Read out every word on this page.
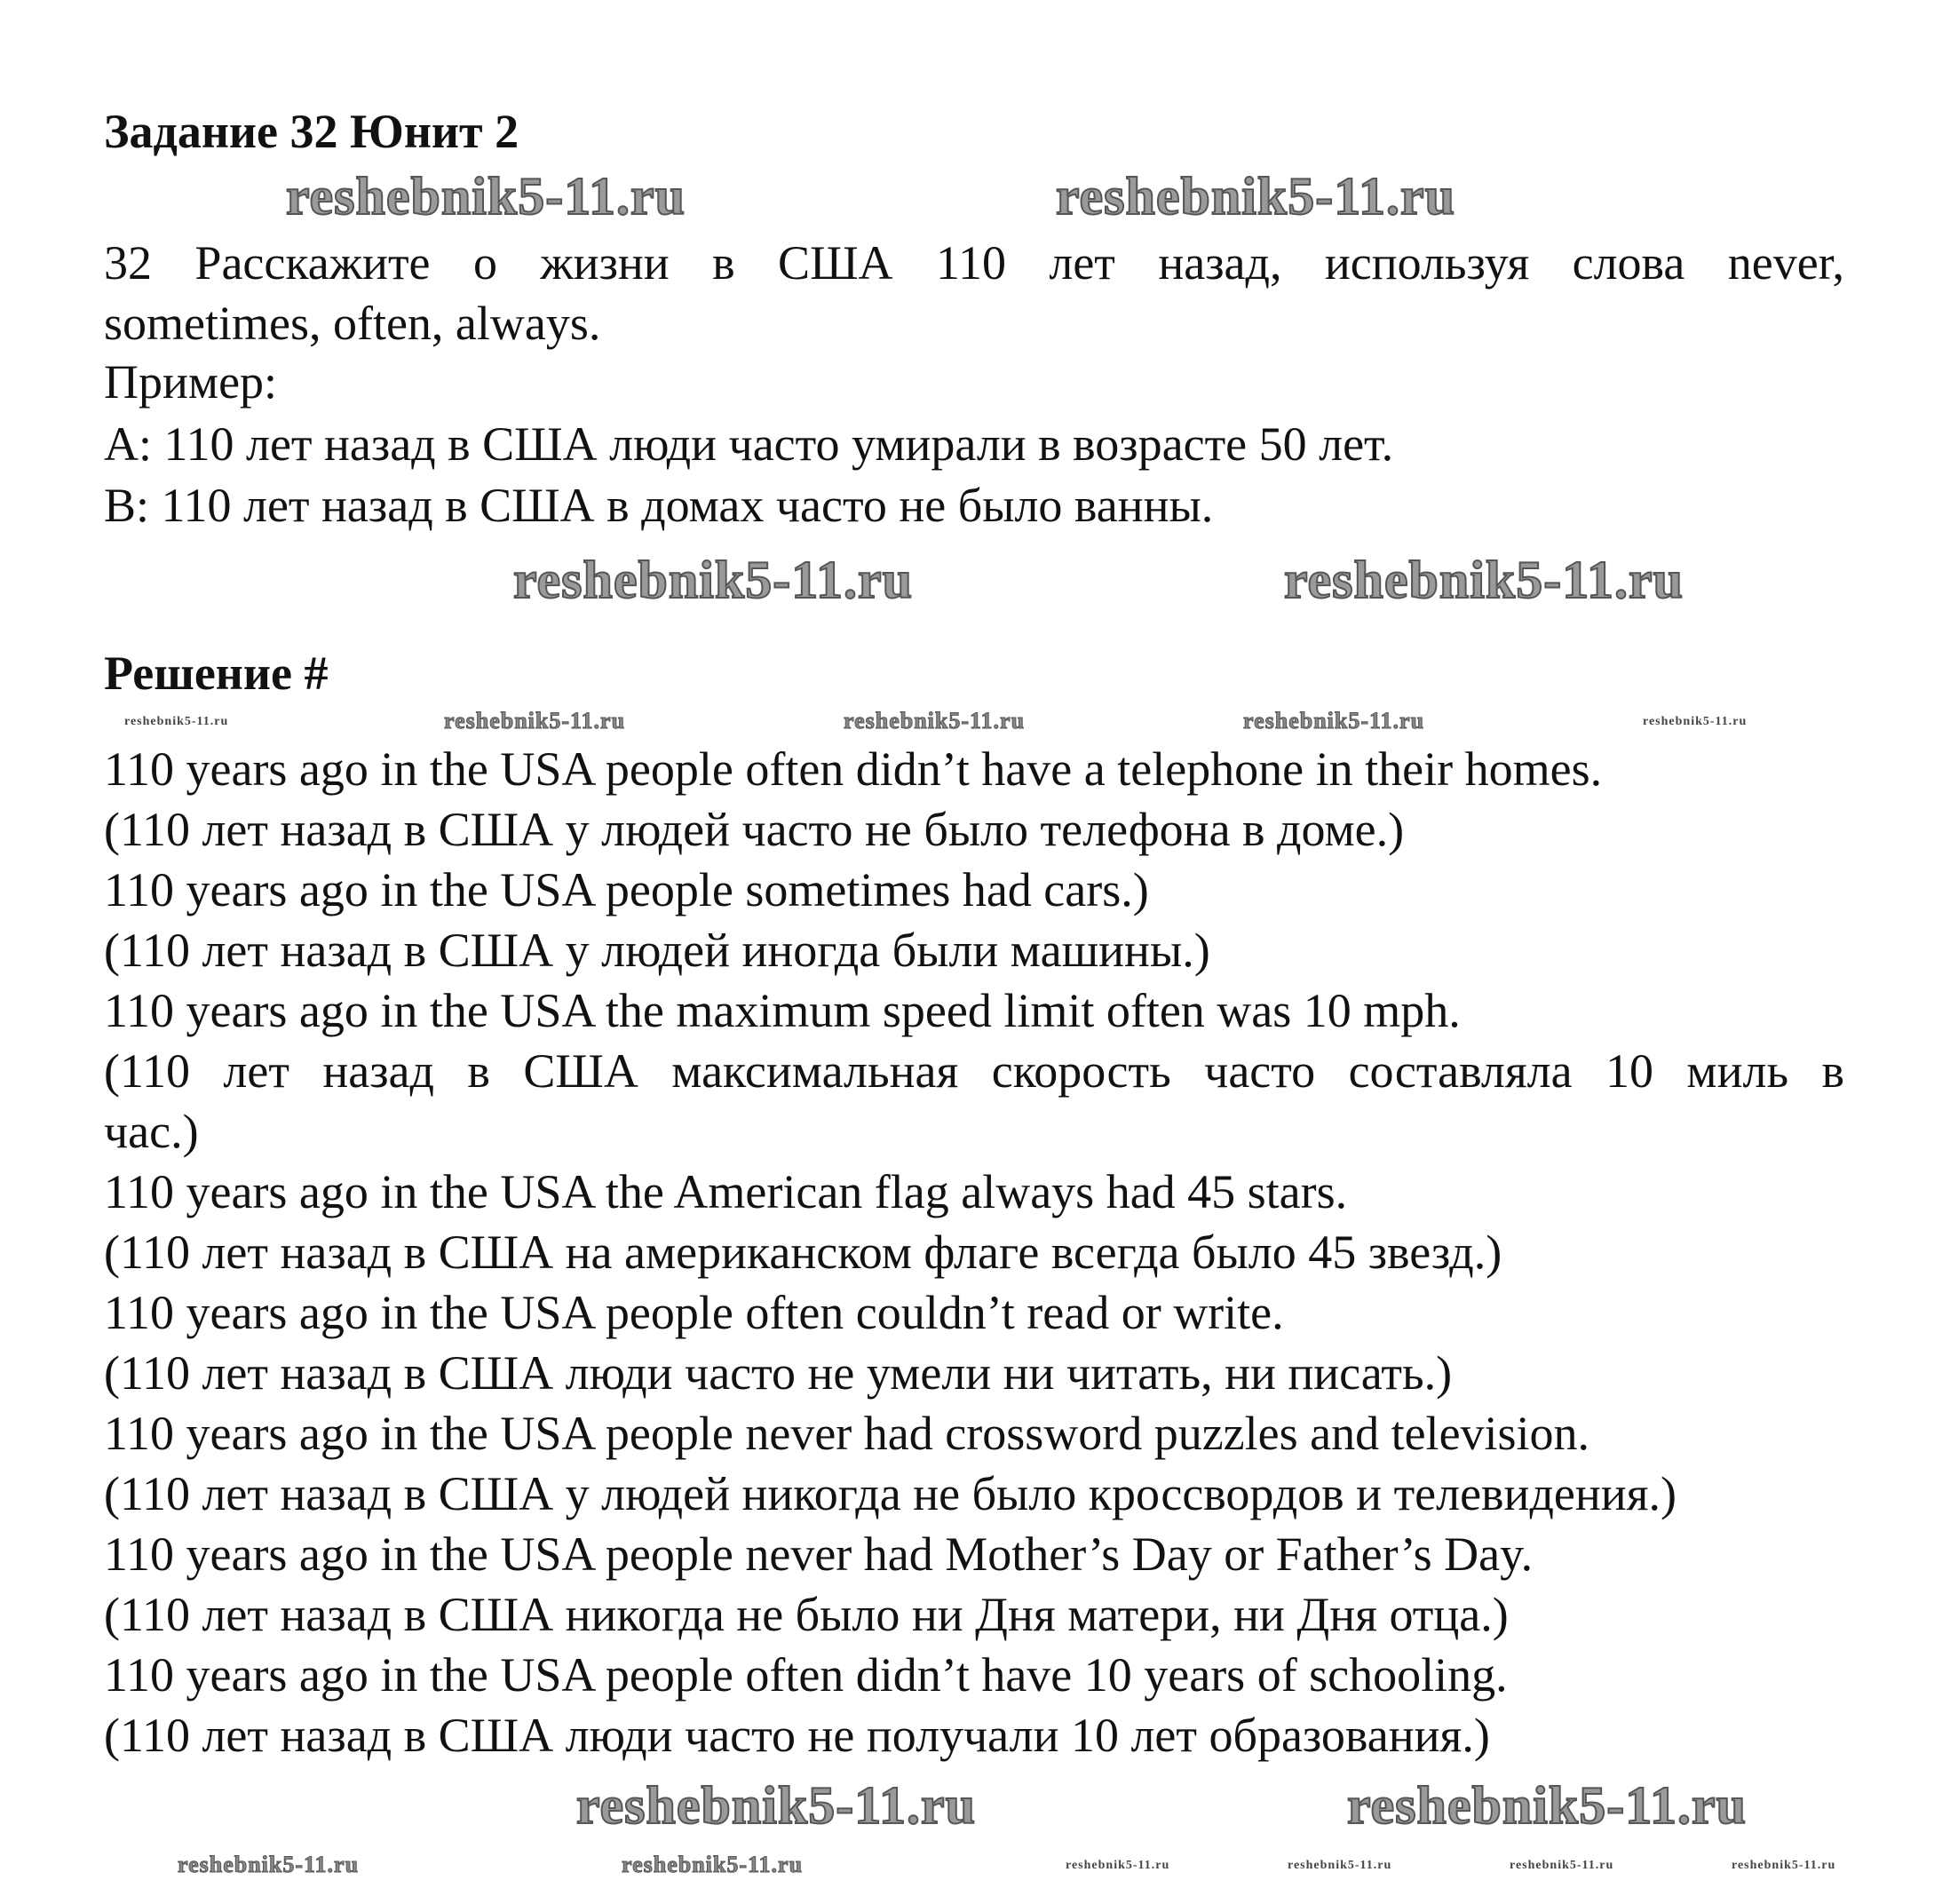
Задание 32 Юнит 2
32 Расскажите о жизни в США 110 лет назад, используя слова never,
sometimes, often, always.
Пример:
A: 110 лет назад в США люди часто умирали в возрасте 50 лет.
B: 110 лет назад в США в домах часто не было ванны.
Решение #
110 years ago in the USA people often didn’t have a telephone in their homes.
(110 лет назад в США у людей часто не было телефона в доме.)
110 years ago in the USA people sometimes had cars.)
(110 лет назад в США у людей иногда были машины.)
110 years ago in the USA the maximum speed limit often was 10 mph.
(110 лет назад в США максимальная скорость часто составляла 10 миль в
час.)
110 years ago in the USA the American flag always had 45 stars.
(110 лет назад в США на американском флаге всегда было 45 звезд.)
110 years ago in the USA people often couldn’t read or write.
(110 лет назад в США люди часто не умели ни читать, ни писать.)
110 years ago in the USA people never had crossword puzzles and television.
(110 лет назад в США у людей никогда не было кроссвордов и телевидения.)
110 years ago in the USA people never had Mother’s Day or Father’s Day.
(110 лет назад в США никогда не было ни Дня матери, ни Дня отца.)
110 years ago in the USA people often didn’t have 10 years of schooling.
(110 лет назад в США люди часто не получали 10 лет образования.)
reshebnik5-11.ru	reshebnik5-11.ru
reshebnik5-11.ru	reshebnik5-11.ru
reshebnik5-11.ru	reshebnik5-11.ru
reshebnik5-11.ru	reshebnik5-11.ru	reshebnik5-11.ru
reshebnik5-11.ru	reshebnik5-11.ru
reshebnik5-11.ru	reshebnik5-11.ru
reshebnik5-11.ru	reshebnik5-11.ru	reshebnik5-11.ru	reshebnik5-11.ru
